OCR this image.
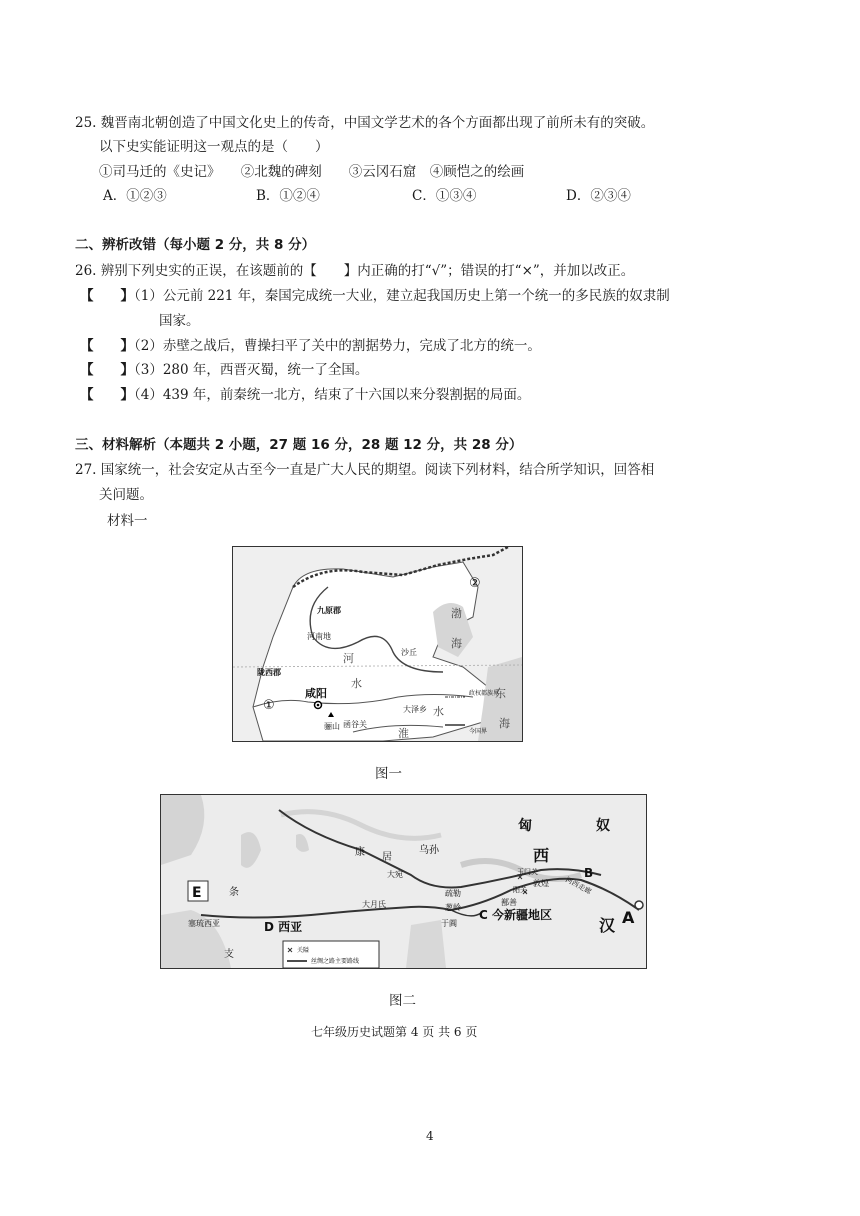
25. 魏晋南北朝创造了中国文化史上的传奇，中国文学艺术的各个方面都出现了前所未有的突破。
以下史实能证明这一观点的是（　　）
①司马迁的《史记》　　②北魏的碑刻　　③云冈石窟　④顾恺之的绘画
A．①②③	B．①②④	C．①③④	D．②③④
二、辨析改错（每小题 2 分，共 8 分）
26. 辨别下列史实的正误，在该题前的【　　】内正确的打“√”；错误的打“×”，并加以改正。
【　　】（1）公元前 221 年，秦国完成统一大业，建立起我国历史上第一个统一的多民族的奴隶制
国家。
【　　】（2）赤壁之战后，曹操扫平了关中的割据势力，完成了北方的统一。
【　　】（3）280 年，西晋灭蜀，统一了全国。
【　　】（4）439 年，前秦统一北方，结束了十六国以来分裂割据的局面。
三、材料解析（本题共 2 小题，27 题 16 分，28 题 12 分，共 28 分）
27. 国家统一，社会安定从古至今一直是广大人民的期望。阅读下列材料，结合所学知识，回答相
关问题。
材料一
九原郡
河南地
陇西郡
咸阳
骊山 函谷关
沙丘
大泽乡
河
水
淮
水
渤
海
东
海
①
②
政权都族界
今国界
图一
匈	奴
康 居
大宛
乌孙	西
玉门关
敦煌 河西走廊
阳关
疏勒
葱岭
大月氏	鄯善
于阗
C 今新疆地区
B
A
汉
E	条
支
塞琉西亚	D 西亚
关隘
丝绸之路主要路线
图二
七年级历史试题第 4 页 共 6 页
4
